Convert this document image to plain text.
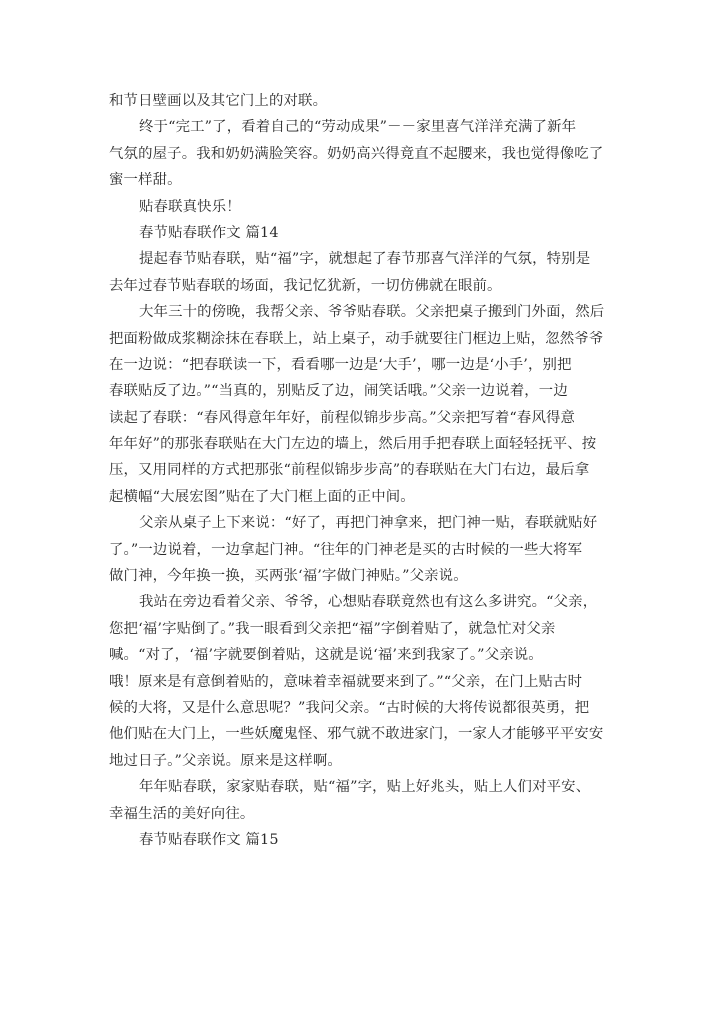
和节日壁画以及其它门上的对联。
终于“完工”了，看着自己的“劳动成果”－－家里喜气洋洋充满了新年
气氛的屋子。我和奶奶满脸笑容。奶奶高兴得竟直不起腰来，我也觉得像吃了
蜜一样甜。
贴春联真快乐！
春节贴春联作文 篇14
提起春节贴春联，贴“福”字，就想起了春节那喜气洋洋的气氛，特别是
去年过春节贴春联的场面，我记忆犹新，一切仿佛就在眼前。
大年三十的傍晚，我帮父亲、爷爷贴春联。父亲把桌子搬到门外面，然后
把面粉做成浆糊涂抹在春联上，站上桌子，动手就要往门框边上贴，忽然爷爷
在一边说：“把春联读一下，看看哪一边是‘大手’，哪一边是‘小手’，别把
春联贴反了边。”“当真的，别贴反了边，闹笑话哦。”父亲一边说着，一边
读起了春联：“春风得意年年好，前程似锦步步高。”父亲把写着“春风得意
年年好”的那张春联贴在大门左边的墙上，然后用手把春联上面轻轻抚平、按
压，又用同样的方式把那张“前程似锦步步高”的春联贴在大门右边，最后拿
起横幅“大展宏图”贴在了大门框上面的正中间。
父亲从桌子上下来说：“好了，再把门神拿来，把门神一贴，春联就贴好
了。”一边说着，一边拿起门神。“往年的门神老是买的古时候的一些大将军
做门神，今年换一换，买两张‘福’字做门神贴。”父亲说。
我站在旁边看着父亲、爷爷，心想贴春联竟然也有这么多讲究。“父亲，
您把‘福’字贴倒了。”我一眼看到父亲把“福”字倒着贴了，就急忙对父亲
喊。“对了，‘福’字就要倒着贴，这就是说‘福’来到我家了。”父亲说。
哦！原来是有意倒着贴的，意味着幸福就要来到了。”“父亲，在门上贴古时
候的大将，又是什么意思呢？”我问父亲。“古时候的大将传说都很英勇，把
他们贴在大门上，一些妖魔鬼怪、邪气就不敢进家门，一家人才能够平平安安
地过日子。”父亲说。原来是这样啊。
年年贴春联，家家贴春联，贴“福”字，贴上好兆头，贴上人们对平安、
幸福生活的美好向往。
春节贴春联作文 篇15
